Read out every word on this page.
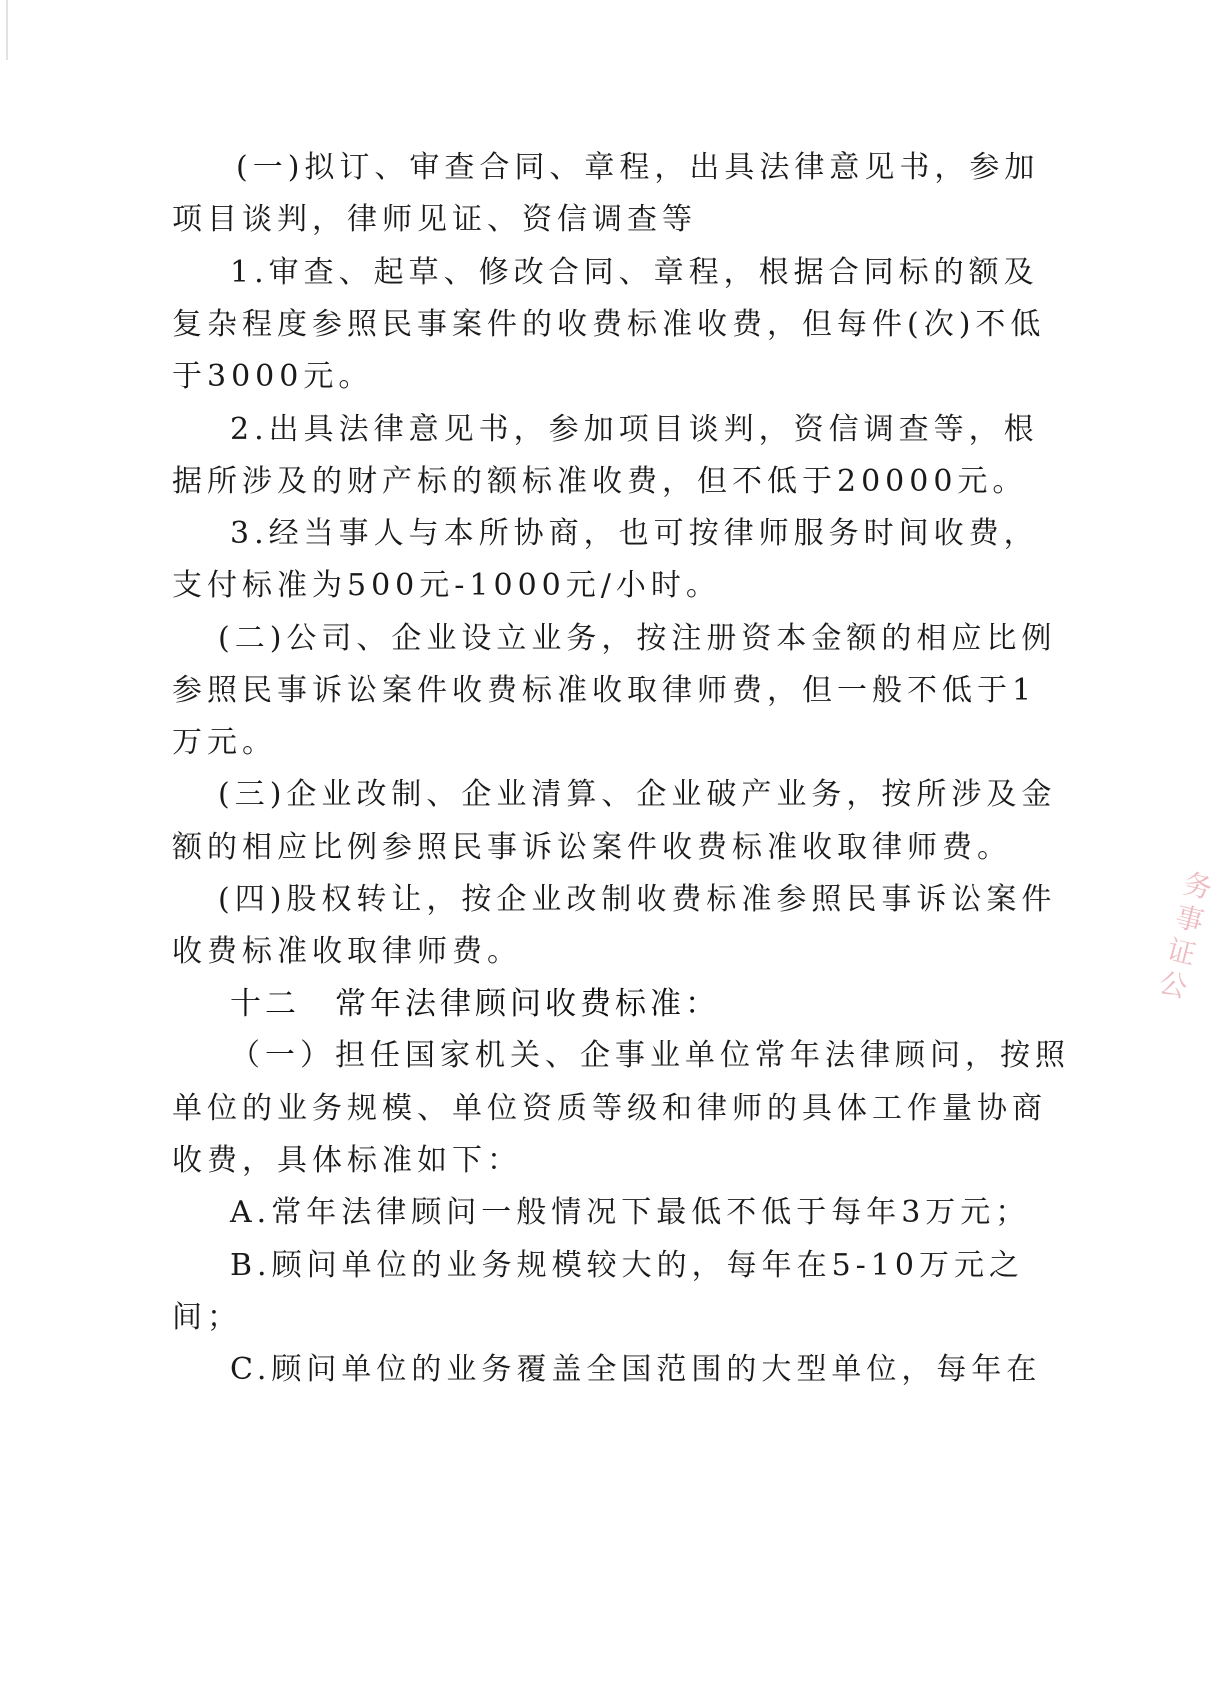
(一)拟订、审查合同、章程，出具法律意见书，参加
项目谈判，律师见证、资信调查等
1.审查、起草、修改合同、章程，根据合同标的额及
复杂程度参照民事案件的收费标准收费，但每件(次)不低
于3000元。
2.出具法律意见书，参加项目谈判，资信调查等，根
据所涉及的财产标的额标准收费，但不低于20000元。
3.经当事人与本所协商，也可按律师服务时间收费，
支付标准为500元-1000元/小时。
(二)公司、企业设立业务，按注册资本金额的相应比例
参照民事诉讼案件收费标准收取律师费，但一般不低于1
万元。
(三)企业改制、企业清算、企业破产业务，按所涉及金
额的相应比例参照民事诉讼案件收费标准收取律师费。
(四)股权转让，按企业改制收费标准参照民事诉讼案件
收费标准收取律师费。
十二　常年法律顾问收费标准：
（一）担任国家机关、企事业单位常年法律顾问，按照
单位的业务规模、单位资质等级和律师的具体工作量协商
收费，具体标准如下：
A.常年法律顾问一般情况下最低不低于每年3万元；
B.顾问单位的业务规模较大的，每年在5-10万元之
间；
C.顾问单位的业务覆盖全国范围的大型单位，每年在
务事证公
